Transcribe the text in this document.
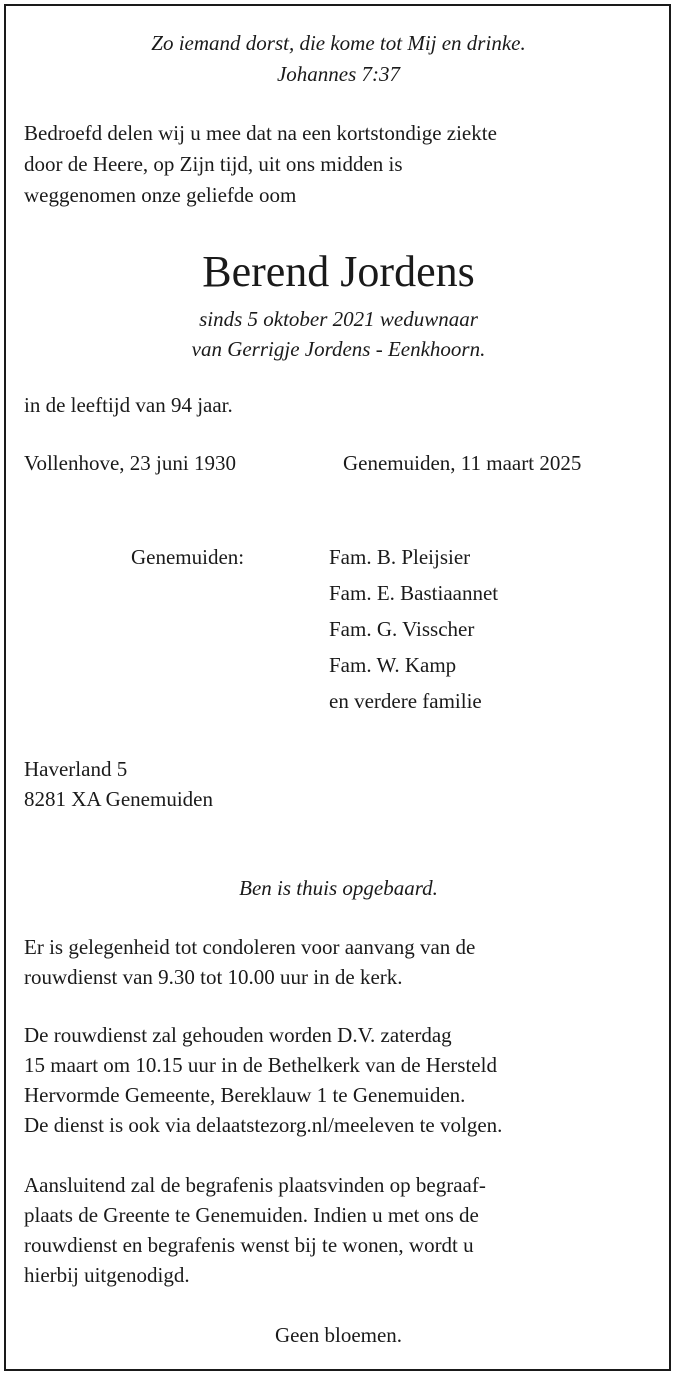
Zo iemand dorst, die kome tot Mij en drinke.

Johannes 7:37

Bedroefd delen wij u mee dat na een kortstondige ziekte

door de Heere, op Zijn tijd, uit ons midden is

weggenomen onze geliefde oom

Berend Jordens

sinds 5 oktober 2021 weduwnaar

van Gerrigje Jordens - Eenkhoorn.

in de leeftijd van 94 jaar.

Vollenhove, 23 juni 1930	Genemuiden, 11 maart 2025

Genemuiden:	Fam. B. Pleijsier

Fam. E. Bastiaannet

Fam. G. Visscher

Fam. W. Kamp

en verdere familie

Haverland 5

8281 XA Genemuiden

Ben is thuis opgebaard.

Er is gelegenheid tot condoleren voor aanvang van de

rouwdienst van 9.30 tot 10.00 uur in de kerk.

De rouwdienst zal gehouden worden D.V. zaterdag

15 maart om 10.15 uur in de Bethelkerk van de Hersteld

Hervormde Gemeente, Bereklauw 1 te Genemuiden.

De dienst is ook via delaatstezorg.nl/meeleven te volgen.

Aansluitend zal de begrafenis plaatsvinden op begraaf-

plaats de Greente te Genemuiden. Indien u met ons de

rouwdienst en begrafenis wenst bij te wonen, wordt u

hierbij uitgenodigd.

Geen bloemen.
